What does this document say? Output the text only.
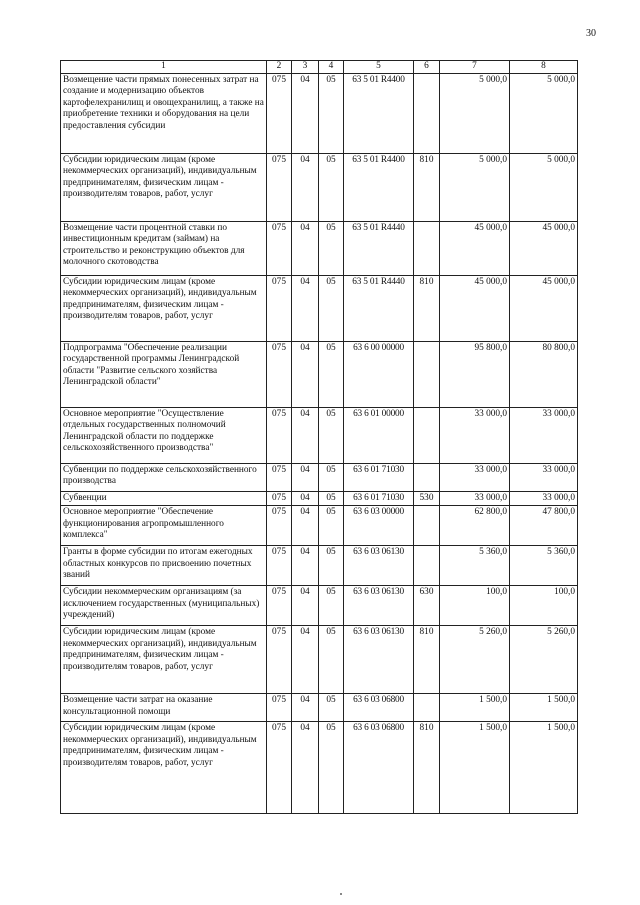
30
1	2	3	4	5	6	7	8
Возмещение части прямых понесенных затрат на создание и модернизацию объектов картофелехранилищ и овощехранилищ, а также на приобретение техники и оборудования на цели предоставления субсидии	075	04	05	63 5 01 R4400		5 000,0	5 000,0
Субсидии юридическим лицам (кроме некоммерческих организаций), индивидуальным предпринимателям, физическим лицам - производителям товаров, работ, услуг	075	04	05	63 5 01 R4400	810	5 000,0	5 000,0
Возмещение части процентной ставки по инвестиционным кредитам (займам) на строительство и реконструкцию объектов для молочного скотоводства	075	04	05	63 5 01 R4440		45 000,0	45 000,0
Субсидии юридическим лицам (кроме некоммерческих организаций), индивидуальным предпринимателям, физическим лицам - производителям товаров, работ, услуг	075	04	05	63 5 01 R4440	810	45 000,0	45 000,0
Подпрограмма "Обеспечение реализации государственной программы Ленинградской области "Развитие сельского хозяйства Ленинградской области"	075	04	05	63 6 00 00000		95 800,0	80 800,0
Основное мероприятие "Осуществление отдельных государственных полномочий Ленинградской области по поддержке сельскохозяйственного производства"	075	04	05	63 6 01 00000		33 000,0	33 000,0
Субвенции по поддержке сельскохозяйственного производства	075	04	05	63 6 01 71030		33 000,0	33 000,0
Субвенции	075	04	05	63 6 01 71030	530	33 000,0	33 000,0
Основное мероприятие "Обеспечение функционирования агропромышленного комплекса"	075	04	05	63 6 03 00000		62 800,0	47 800,0
Гранты в форме субсидии по итогам ежегодных областных конкурсов по присвоению почетных званий	075	04	05	63 6 03 06130		5 360,0	5 360,0
Субсидии некоммерческим организациям (за исключением государственных (муниципальных) учреждений)	075	04	05	63 6 03 06130	630	100,0	100,0
Субсидии юридическим лицам (кроме некоммерческих организаций), индивидуальным предпринимателям, физическим лицам - производителям товаров, работ, услуг	075	04	05	63 6 03 06130	810	5 260,0	5 260,0
Возмещение части затрат на оказание консультационной помощи	075	04	05	63 6 03 06800		1 500,0	1 500,0
Субсидии юридическим лицам (кроме некоммерческих организаций), индивидуальным предпринимателям, физическим лицам - производителям товаров, работ, услуг	075	04	05	63 6 03 06800	810	1 500,0	1 500,0
